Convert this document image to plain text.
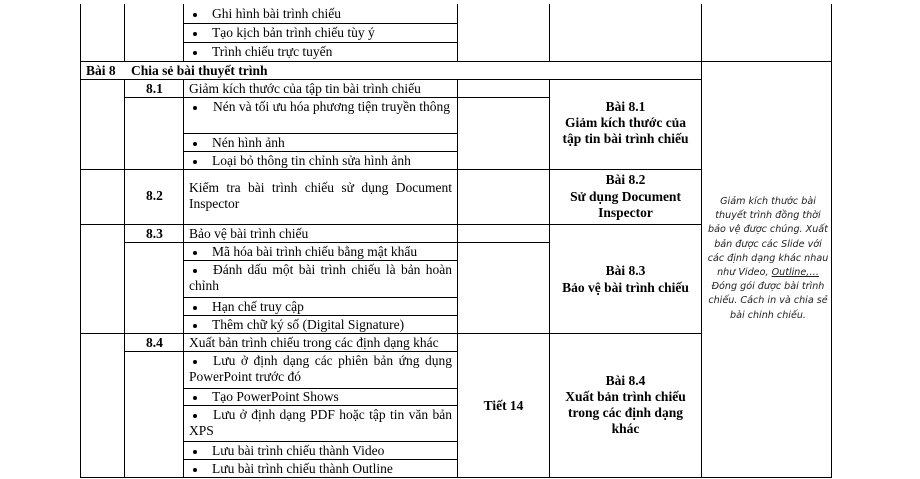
Ghi hình bài trình chiếu
Tạo kịch bản trình chiếu tùy ý
Trình chiếu trực tuyến
Bài 8 Chia sẻ bài thuyết trình
8.1 Giảm kích thước của tập tin bài trình chiếu
Nén và tối ưu hóa phương tiện truyền thông
Nén hình ảnh
Loại bỏ thông tin chỉnh sửa hình ảnh
Bài 8.1
Giảm kích thước của tập tin bài trình chiếu
8.2
Kiểm tra bài trình chiếu sử dụng Document Inspector
Bài 8.2
Sử dụng Document Inspector
8.3 Bảo vệ bài trình chiếu
Mã hóa bài trình chiếu bằng mật khẩu
Đánh dấu một bài trình chiếu là bản hoàn chỉnh
Hạn chế truy cập
Thêm chữ ký số (Digital Signature)
Bài 8.3
Bảo vệ bài trình chiếu
8.4 Xuất bản trình chiếu trong các định dạng khác
Lưu ở định dạng các phiên bản ứng dụng PowerPoint trước đó
Tạo PowerPoint Shows
Lưu ở định dạng PDF hoặc tập tin văn bản XPS
Lưu bài trình chiếu thành Video
Lưu bài trình chiếu thành Outline
Tiết 14
Bài 8.4
Xuất bản trình chiếu trong các định dạng khác
Giảm kích thước bài thuyết trình đồng thời bảo vệ được chúng. Xuất bản được các Slide với các định dạng khác nhau như Video, Outline,… Đóng gói được bài trình chiếu. Cách in và chia sẻ bài chinh chiếu.
